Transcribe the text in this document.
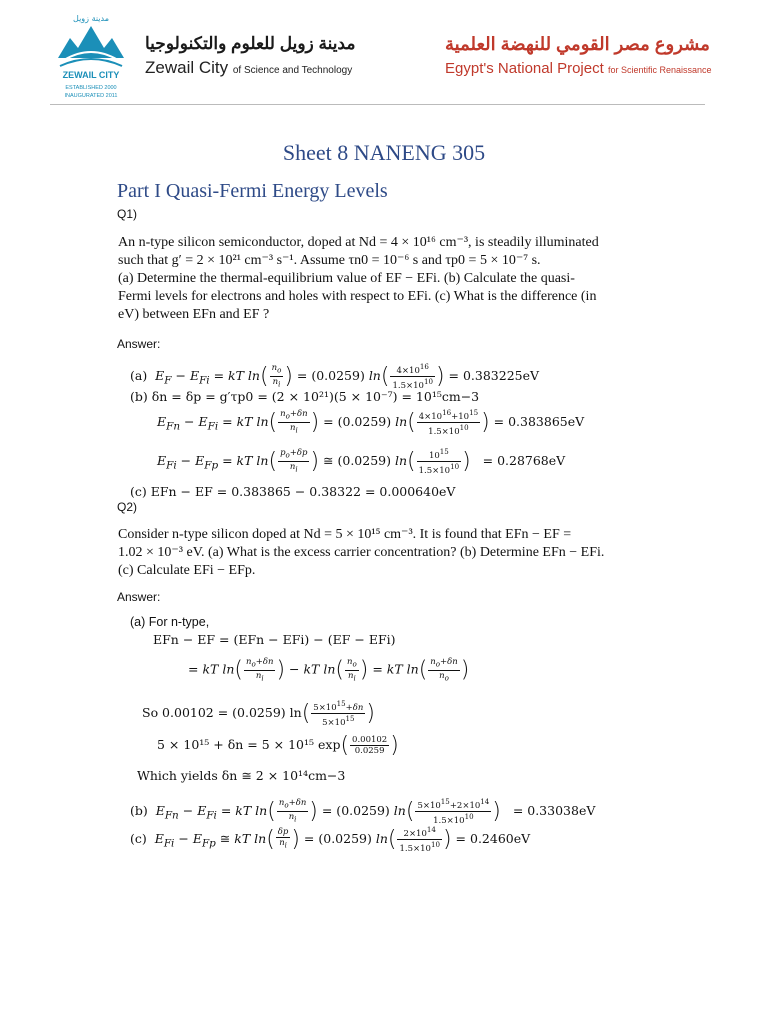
مدينة زويل
ZEWAIL CITY
ESTABLISHED 2000
INAUGURATED 2011
مدينة زويل للعلوم والتكنولوجيا
Zewail City of Science and Technology
مشروع مصر القومي للنهضة العلمية
Egypt's National Project for Scientific Renaissance
Sheet 8 NANENG 305
Part I Quasi-Fermi Energy Levels
Q1)
An n-type silicon semiconductor, doped at Nd = 4 × 10¹⁶ cm⁻³, is steadily illuminated
such that g′ = 2 × 10²¹ cm⁻³ s⁻¹. Assume τn0 = 10⁻⁶ s and τp0 = 5 × 10⁻⁷ s.
(a) Determine the thermal-equilibrium value of EF − EFi. (b) Calculate the quasi-
Fermi levels for electrons and holes with respect to EFi. (c) What is the difference (in
eV) between EFn and EF ?
Answer:
(a)  $E_F - E_{Fi}$ = kT $\ln( \frac{n_o}{n_i}$ ) = (0.0259) $\ln( \frac{4\times 10^{16}}{1.5\times 10^{10}}$ ) = 0.383225eV
(b) δn = δp = g′τp0 = (2 × 10²¹)(5 × 10⁻⁷) = 10¹⁵cm−3
$E_{Fn} - E_{Fi}$ = kT $\ln( \frac{n_o+\delta n}{n_i}$ ) = (0.0259) $\ln( \frac{4\times 10^{16}+10^{15}}{1.5\times 10^{10}}$ ) = 0.383865eV
$E_{Fi} - E_{Fp}$ = kT $\ln( \frac{p_o+\delta p}{n_i}$ ) ≅ (0.0259) $\ln( \frac{10^{15}}{1.5\times 10^{10}}$ ) = 0.28768eV
(c) EFn − EF = 0.383865 − 0.38322 = 0.000640eV
Q2)
Consider n-type silicon doped at Nd = 5 × 10¹⁵ cm⁻³. It is found that EFn − EF =
1.02 × 10⁻³ eV. (a) What is the excess carrier concentration? (b) Determine EFn − EFi.
(c) Calculate EFi − EFp.
Answer:
(a) For n-type,
EFn − EF = (EFn − EFi) − (EF − EFi)
= kT $\ln( \frac{n_o+\delta n}{n_i}$ ) − kT $\ln( \frac{n_o}{n_i}$ ) = kT $\ln( \frac{n_o+\delta n}{n_o}$ )
So 0.00102 = (0.0259) $\ln( \frac{5\times 10^{15}+\delta n}{5\times 10^{15}}$ )
5 × 10¹⁵ + δn = 5 × 10¹⁵ $\exp( \frac{0.00102}{0.0259}$ )
Which yields δn ≅ 2 × 10¹⁴cm−3
(b)  $E_{Fn} - E_{Fi}$ = kT $\ln( \frac{n_o+\delta n}{n_i}$ ) = (0.0259) $\ln( \frac{5\times 10^{15}+2\times 10^{14}}{1.5\times 10^{10}}$ ) = 0.33038eV
(c)  $E_{Fi} - E_{Fp}$ ≅ kT $\ln( \frac{\delta p}{n_i}$ ) = (0.0259) $\ln( \frac{2\times 10^{14}}{1.5\times 10^{10}}$ ) = 0.2460eV
